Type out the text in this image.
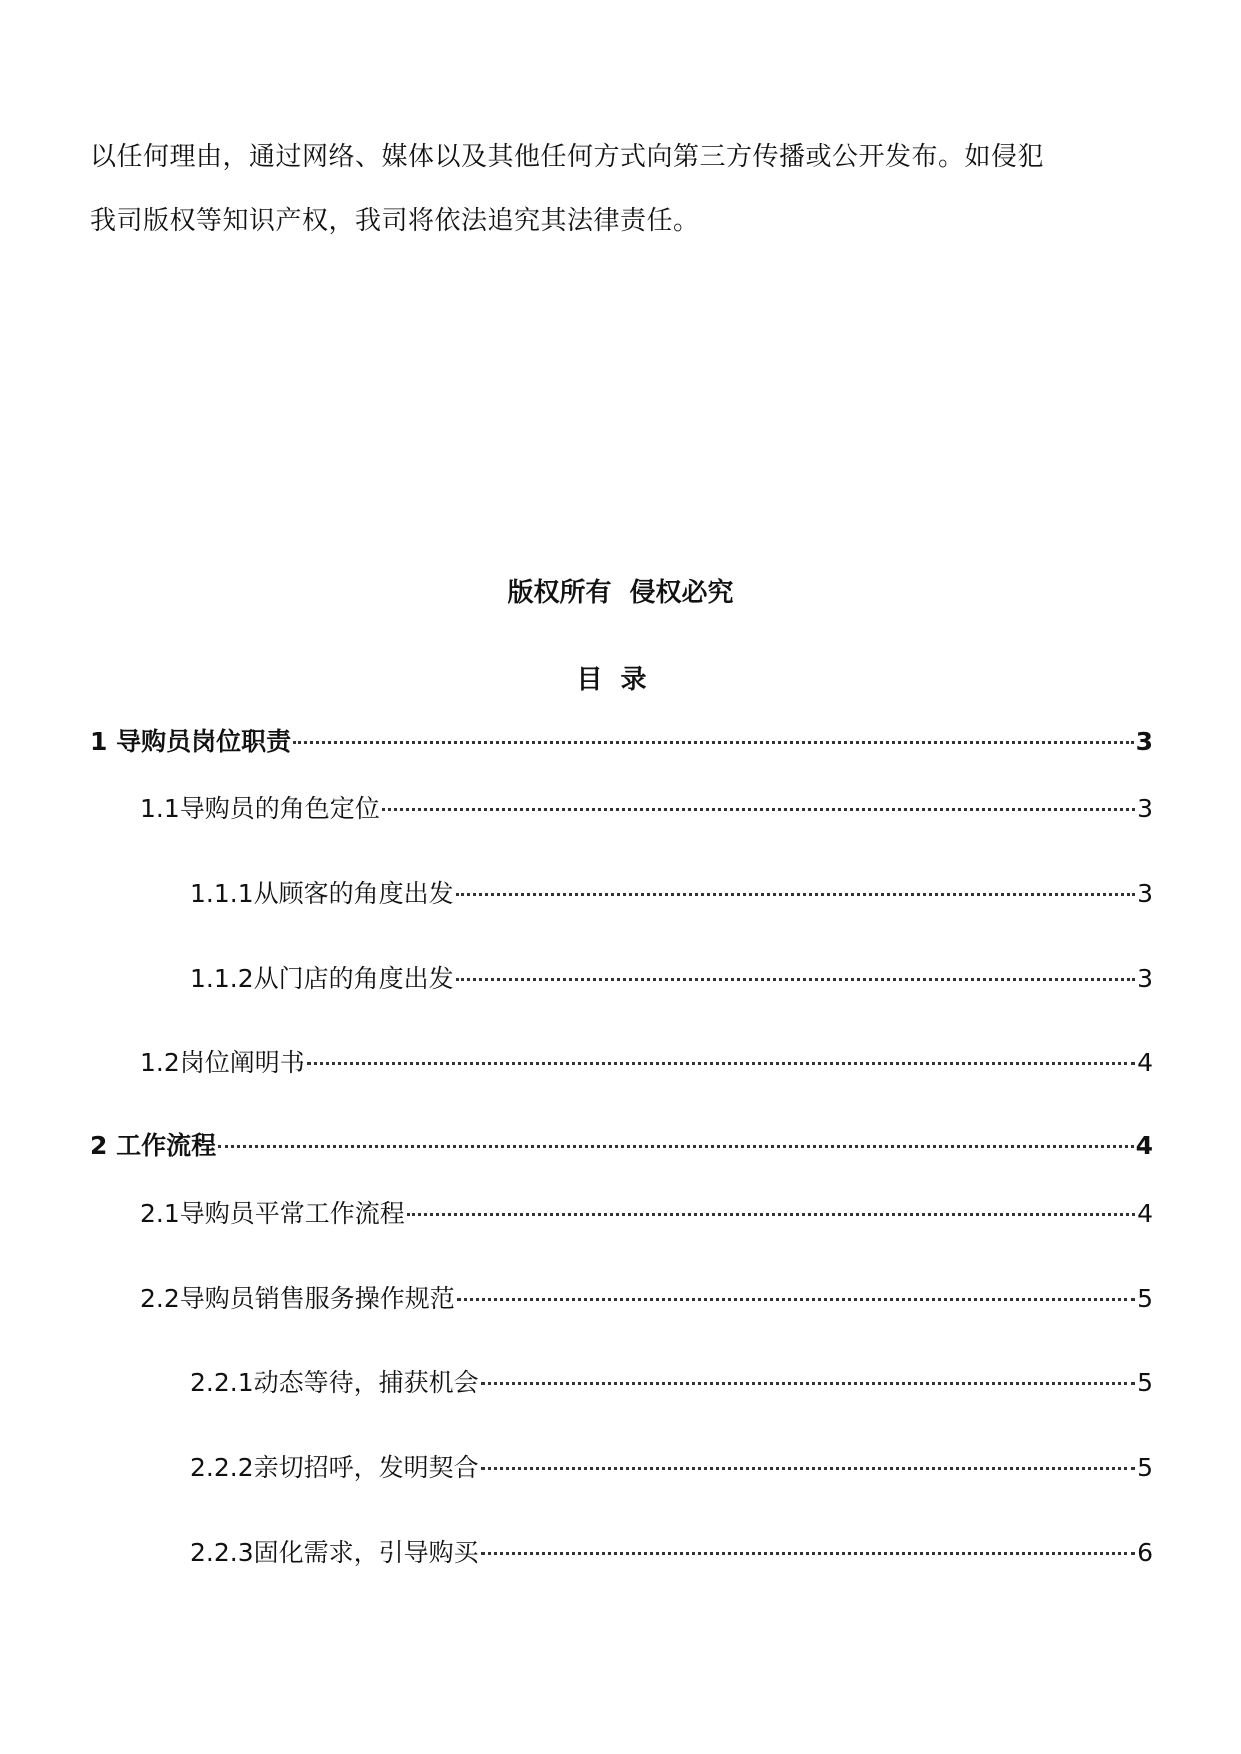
以任何理由，通过网络、媒体以及其他任何方式向第三方传播或公开发布。如侵犯
我司版权等知识产权，我司将依法追究其法律责任。
版权所有  侵权必究
目录
1 导购员岗位职责	3
1.1导购员的角色定位	3
1.1.1从顾客的角度出发	3
1.1.2从门店的角度出发	3
1.2岗位阐明书	4
2 工作流程	4
2.1导购员平常工作流程	4
2.2导购员销售服务操作规范	5
2.2.1动态等待，捕获机会	5
2.2.2亲切招呼，发明契合	5
2.2.3固化需求，引导购买	6
